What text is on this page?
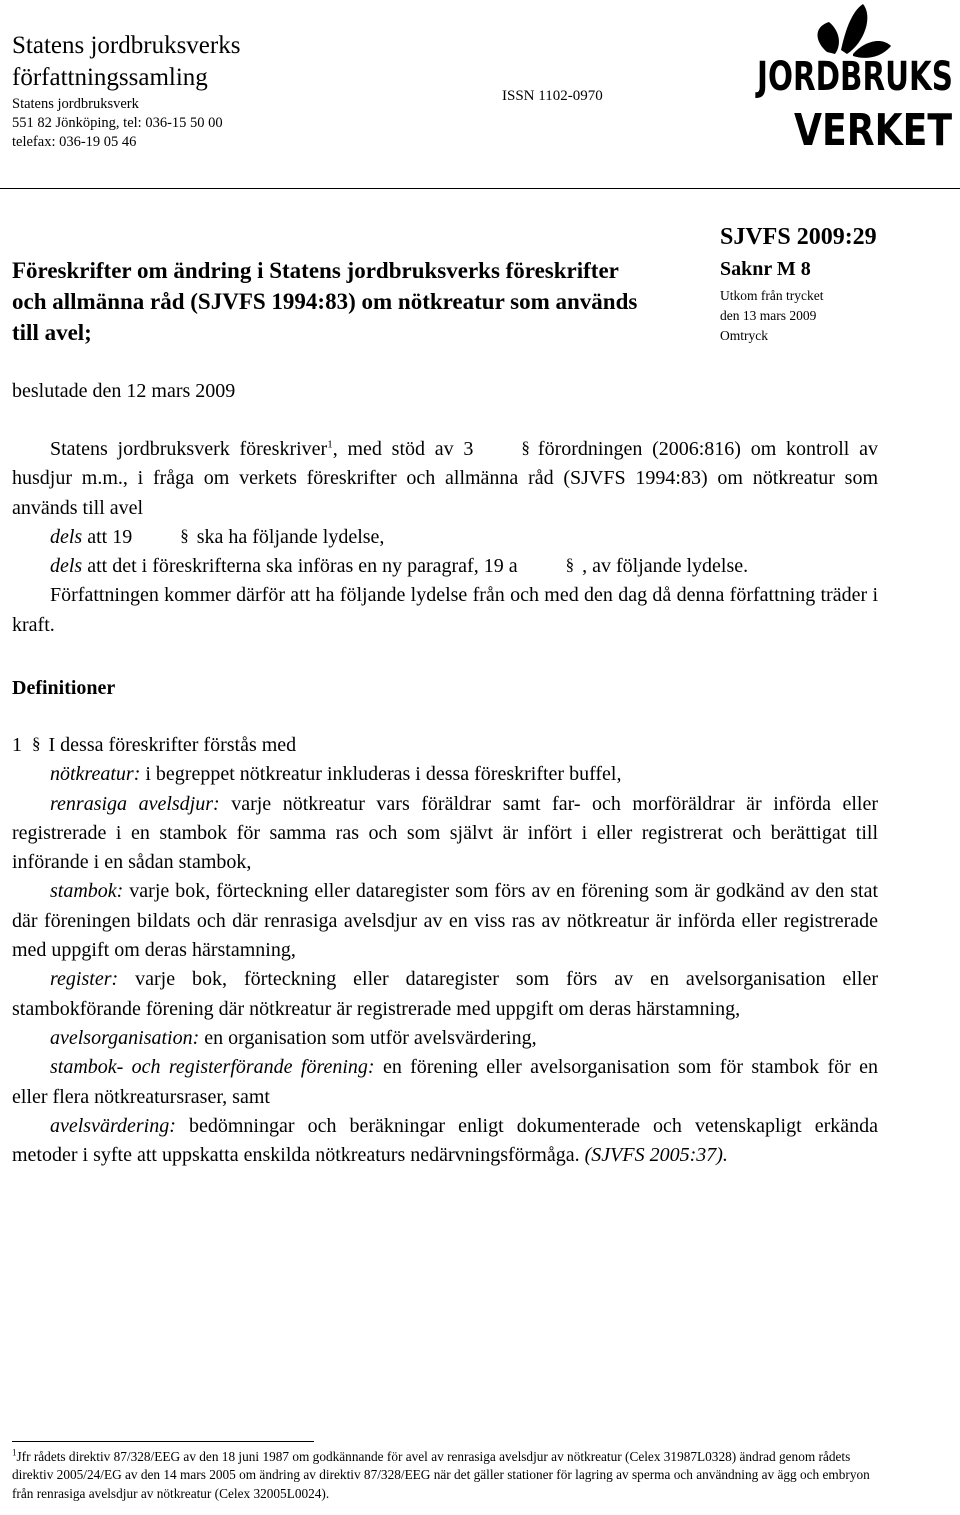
Statens jordbruksverks författningssamling
Statens jordbruksverk
551 82 Jönköping, tel: 036-15 50 00
telefax: 036-19 05 46
ISSN 1102-0970	JORDBRUKS
VERKET
Föreskrifter om ändring i Statens jordbruksverks föreskrifter och allmänna råd (SJVFS 1994:83) om nötkreatur som används till avel;
SJVFS 2009:29
Saknr M 8
Utkom från trycket
den 13 mars 2009
Omtryck
beslutade den 12 mars 2009
Statens jordbruksverk föreskriver$^1$, med stöd av 3	§ förordningen (2006:816) om kontroll av husdjur m.m., i fråga om verkets föreskrifter och allmänna råd (SJVFS 1994:83) om nötkreatur som används till avel
dels att 19	§ ska ha följande lydelse,
dels att det i föreskrifterna ska införas en ny paragraf, 19 a	§ , av följande lydelse.
Författningen kommer därför att ha följande lydelse från och med den dag då denna författning träder i kraft.
Definitioner
1 § I dessa föreskrifter förstås med
nötkreatur: i begreppet nötkreatur inkluderas i dessa föreskrifter buffel,
renrasiga avelsdjur: varje nötkreatur vars föräldrar samt far- och morföräldrar är införda eller registrerade i en stambok för samma ras och som självt är infört i eller registrerat och berättigat till införande i en sådan stambok,
stambok: varje bok, förteckning eller dataregister som förs av en förening som är godkänd av den stat där föreningen bildats och där renrasiga avelsdjur av en viss ras av nötkreatur är införda eller registrerade med uppgift om deras härstamning,
register: varje bok, förteckning eller dataregister som förs av en avelsorganisation eller stambokförande förening där nötkreatur är registrerade med uppgift om deras härstamning,
avelsorganisation: en organisation som utför avelsvärdering,
stambok- och registerförande förening: en förening eller avelsorganisation som för stambok för en eller flera nötkreatursraser, samt
avelsvärdering: bedömningar och beräkningar enligt dokumenterade och vetenskapligt erkända metoder i syfte att uppskatta enskilda nötkreaturs nedärvningsförmåga. (SJVFS 2005:37).
$^1$Jfr rådets direktiv 87/328/EEG av den 18 juni 1987 om godkännande för avel av renrasiga avelsdjur av nötkreatur (Celex 31987L0328) ändrad genom rådets direktiv 2005/24/EG av den 14 mars 2005 om ändring av direktiv 87/328/EEG när det gäller stationer för lagring av sperma och användning av ägg och embryon från renrasiga avelsdjur av nötkreatur (Celex 32005L0024).
